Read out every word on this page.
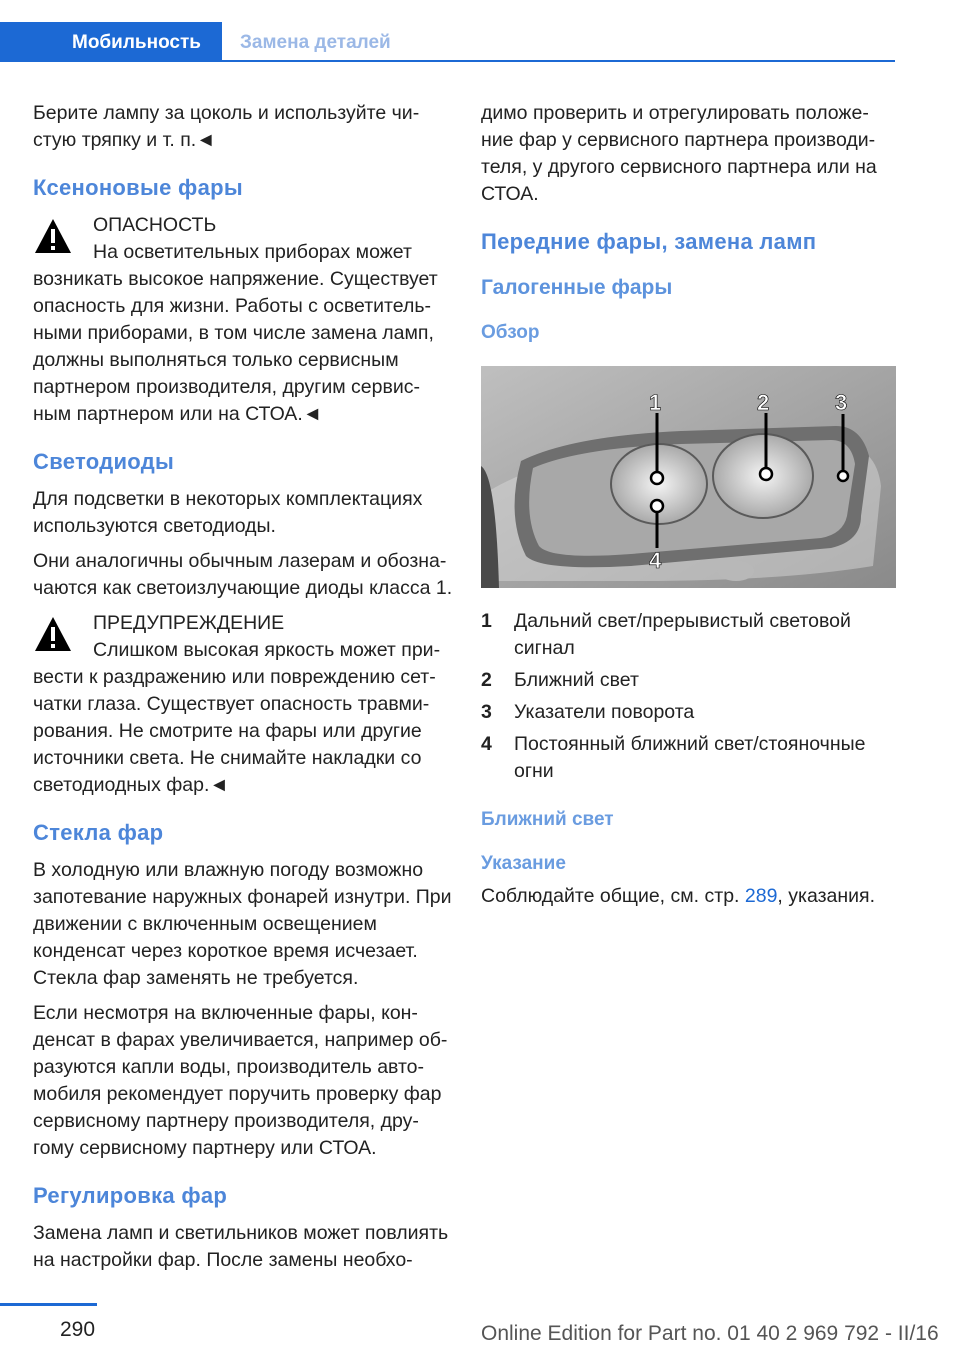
Мобильность	Замена деталей

Берите лампу за цоколь и используйте чи-стую тряпку и т. п.◄

Ксеноновые фары
ОПАСНОСТЬ
На осветительных приборах может возникать высокое напряжение. Существует опасность для жизни. Работы с осветитель-ными приборами, в том числе замена ламп, должны выполняться только сервисным партнером производителя, другим сервис-ным партнером или на СТОА.◄
Светодиоды

Для подсветки в некоторых комплектациях используются светодиоды.

Они аналогичны обычным лазерам и обозна-чаются как светоизлучающие диоды класса 1.

ПРЕДУПРЕЖДЕНИЕ
Слишком высокая яркость может при-вести к раздражению или повреждению сет-чатки глаза. Существует опасность травми-рования. Не смотрите на фары или другие источники света. Не снимайте накладки со светодиодных фар.◄
Стекла фар

В холодную или влажную погоду возможно запотевание наружных фонарей изнутри. При движении с включенным освещением конденсат через короткое время исчезает. Стекла фар заменять не требуется.

Если несмотря на включенные фары, кон-денсат в фарах увеличивается, например об-разуются капли воды, производитель авто-мобиля рекомендует поручить проверку фар сервисному партнеру производителя, дру-гому сервисному партнеру или СТОА.

Регулировка фар

Замена ламп и светильников может повлиять на настройки фар. После замены необхо-

димо проверить и отрегулировать положе-ние фар у сервисного партнера производи-теля, у другого сервисного партнера или на СТОА.

Передние фары, замена ламп
Галогенные фары
Обзор
1	2	3
4
1 Дальний свет/прерывистый световой сигнал
2 Ближний свет
3 Указатели поворота
4 Постоянный ближний свет/стояночные огни
Ближний свет
Указание

Соблюдайте общие, см. стр. 289, указания.

290	Online Edition for Part no. 01 40 2 969 792 - II/16
